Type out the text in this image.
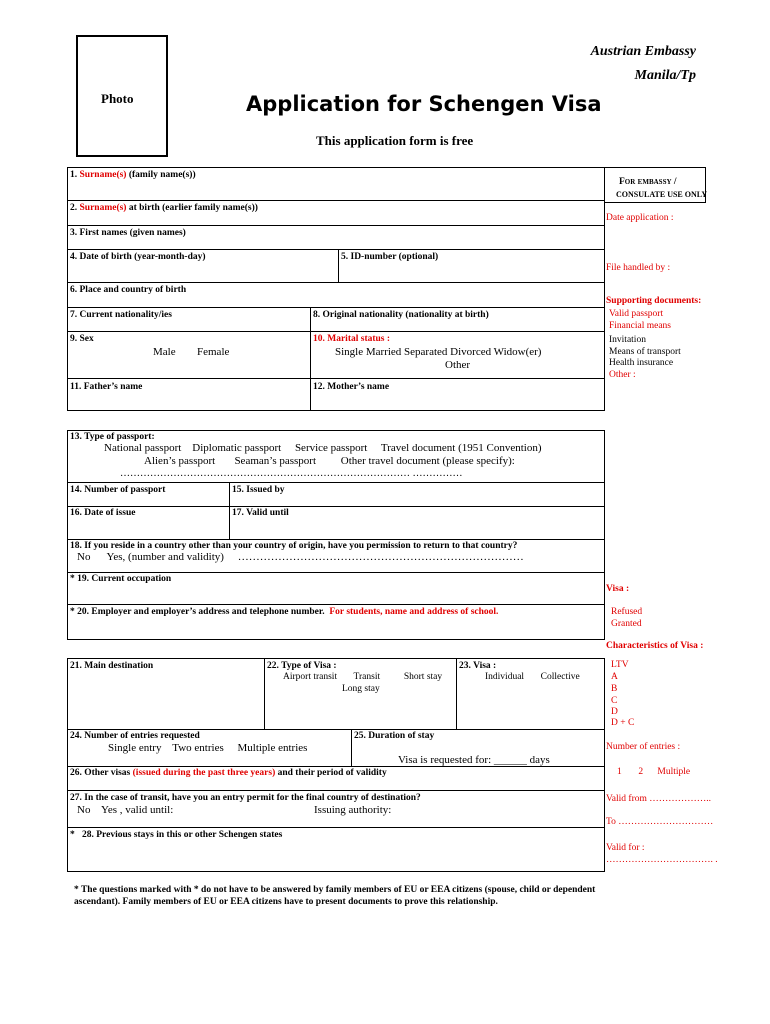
Photo
Austrian Embassy
Manila/Tp
Application for Schengen Visa
This application form is free
1. Surname(s) (family name(s))
2. Surname(s) at birth (earlier family name(s))
3. First names (given names)
4. Date of birth (year-month-day)	5. ID-number (optional)
6. Place and country of birth
7. Current nationality/ies	8. Original nationality (nationality at birth)
9. Sex
Male Female
10. Marital status :
Single Married Separated Divorced Widow(er)
Other
11. Father’s name	12. Mother’s name
For embassy /
CONSULATE USE ONLY
Date application :
File handled by :
Supporting documents:
Valid passport
Financial means
Invitation
Means of transport
Health insurance
Other :
13. Type of passport:
National passport    Diplomatic passport     Service passport     Travel document (1951 Convention)
Alien’s passport       Seaman’s passport         Other travel document (please specify):
…………………………………………………………………………… ……………
14. Number of passport	15. Issued by
16. Date of issue	17. Valid until
18. If you reside in a country other than your country of origin, have you permission to return to that country?
No      Yes, (number and validity)     ……………………………………………………………………
* 19. Current occupation
* 20. Employer and employer’s address and telephone number. For students, name and address of school.
Visa :
Refused
Granted
Characteristics of Visa :
LTV
A
B
C
D
D + C
Number of entries :
1       2      Multiple
Valid from ………………..
To …………………………
Valid for :
……………………………. .
21. Main destination	22. Type of Visa :
Airport transit       Transit          Short stay
Long stay
23. Visa :
Individual       Collective
24. Number of entries requested
Single entry    Two entries     Multiple entries
25. Duration of stay
Visa is requested for: ______ days
26. Other visas (issued during the past three years) and their period of validity
27. In the case of transit, have you an entry permit for the final country of destination?
No    Yes , valid until:	Issuing authority:
* 28. Previous stays in this or other Schengen states
* The questions marked with * do not have to be answered by family members of EU or EEA citizens (spouse, child or dependent
ascendant). Family members of EU or EEA citizens have to present documents to prove this relationship.
